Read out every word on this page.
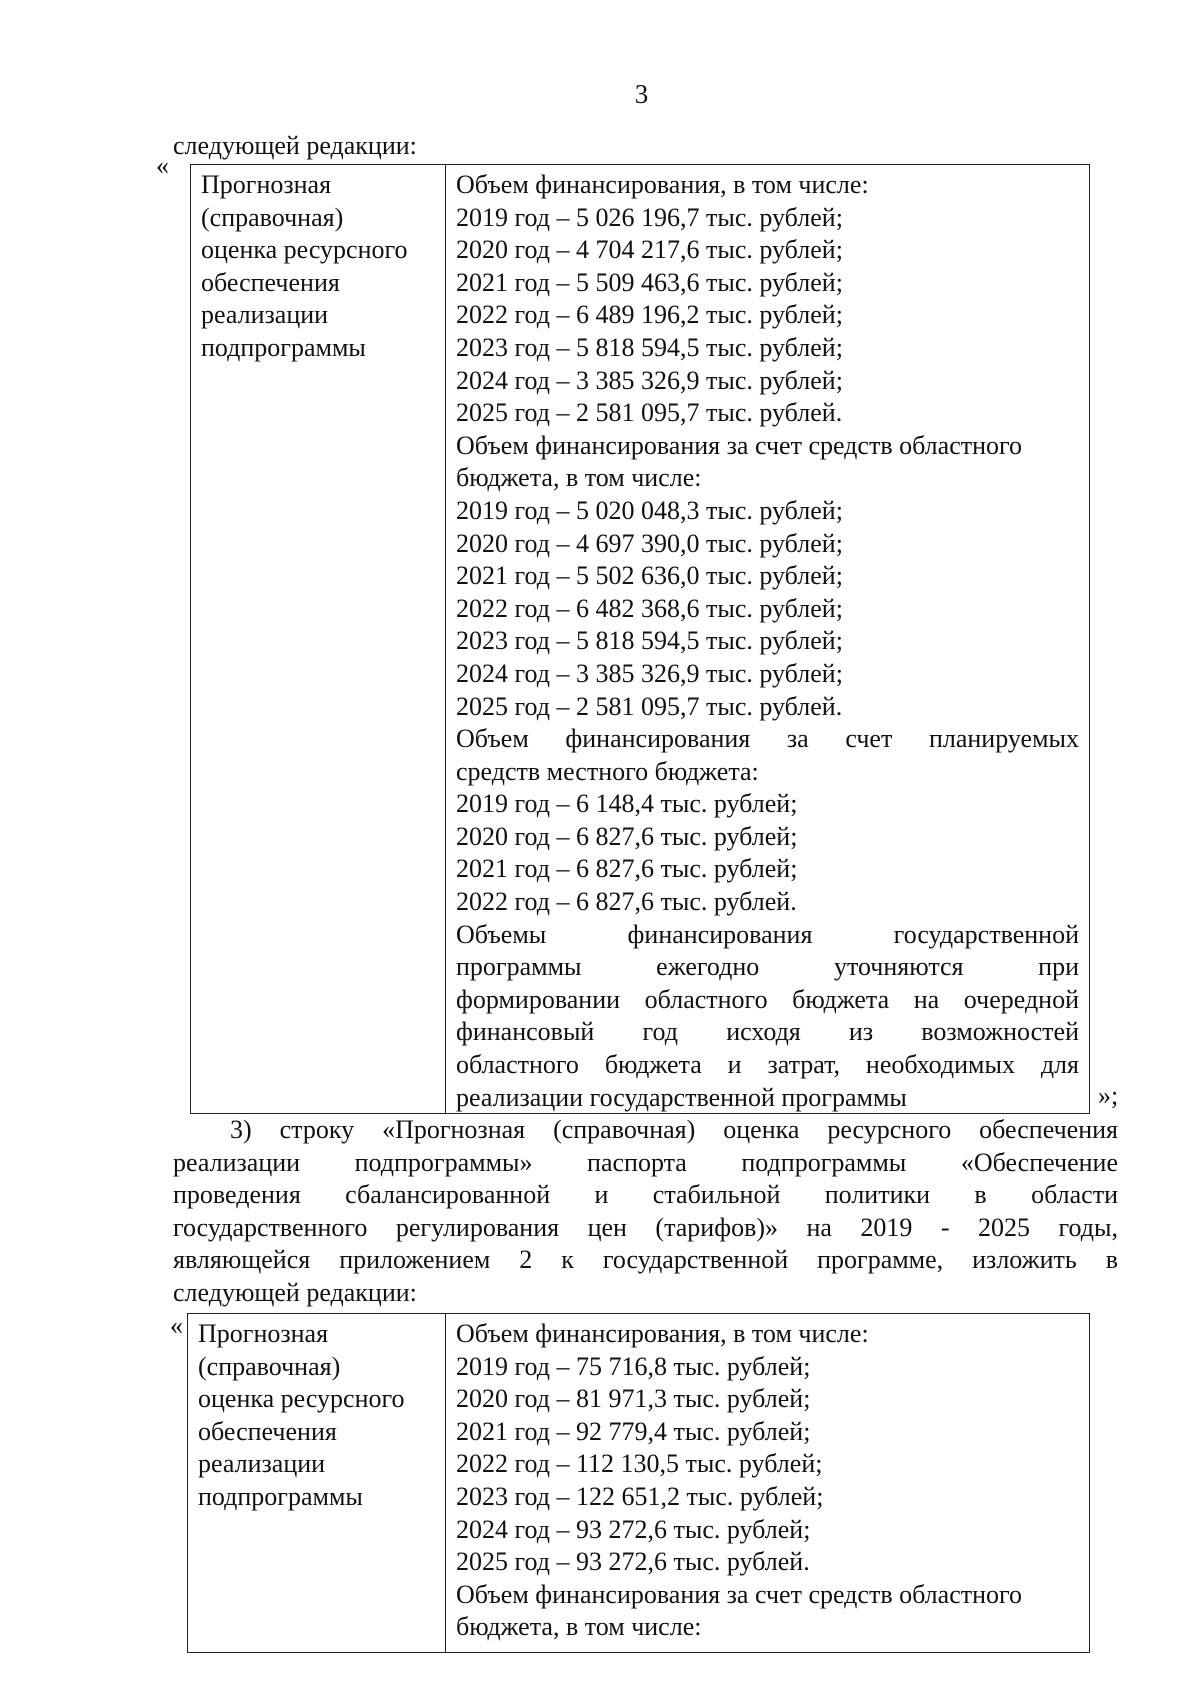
3
следующей редакции:
«
Прогнозная
(справочная)
оценка ресурсного
обеспечения
реализации
подпрограммы
Объем финансирования, в том числе:
2019 год – 5 026 196,7 тыс. рублей;
2020 год – 4 704 217,6 тыс. рублей;
2021 год – 5 509 463,6 тыс. рублей;
2022 год – 6 489 196,2 тыс. рублей;
2023 год – 5 818 594,5 тыс. рублей;
2024 год – 3 385 326,9 тыс. рублей;
2025 год – 2 581 095,7 тыс. рублей.
Объем финансирования за счет средств областного
бюджета, в том числе:
2019 год – 5 020 048,3 тыс. рублей;
2020 год – 4 697 390,0 тыс. рублей;
2021 год – 5 502 636,0 тыс. рублей;
2022 год – 6 482 368,6 тыс. рублей;
2023 год – 5 818 594,5 тыс. рублей;
2024 год – 3 385 326,9 тыс. рублей;
2025 год – 2 581 095,7 тыс. рублей.
Объем финансирования за счет планируемых
средств местного бюджета:
2019 год – 6 148,4 тыс. рублей;
2020 год – 6 827,6 тыс. рублей;
2021 год – 6 827,6 тыс. рублей;
2022 год – 6 827,6 тыс. рублей.
Объемы финансирования государственной
программы ежегодно уточняются при
формировании областного бюджета на очередной
финансовый год исходя из возможностей
областного бюджета и затрат, необходимых для
реализации государственной программы	»;
3) строку «Прогнозная (справочная) оценка ресурсного обеспечения
реализации подпрограммы» паспорта подпрограммы «Обеспечение
проведения сбалансированной и стабильной политики в области
государственного регулирования цен (тарифов)» на 2019 - 2025 годы,
являющейся приложением 2 к государственной программе, изложить в
следующей редакции:
« Прогнозная
(справочная)
оценка ресурсного
обеспечения
реализации
подпрограммы
Объем финансирования, в том числе:
2019 год – 75 716,8 тыс. рублей;
2020 год – 81 971,3 тыс. рублей;
2021 год – 92 779,4 тыс. рублей;
2022 год – 112 130,5 тыс. рублей;
2023 год – 122 651,2 тыс. рублей;
2024 год – 93 272,6 тыс. рублей;
2025 год – 93 272,6 тыс. рублей.
Объем финансирования за счет средств областного
бюджета, в том числе:
